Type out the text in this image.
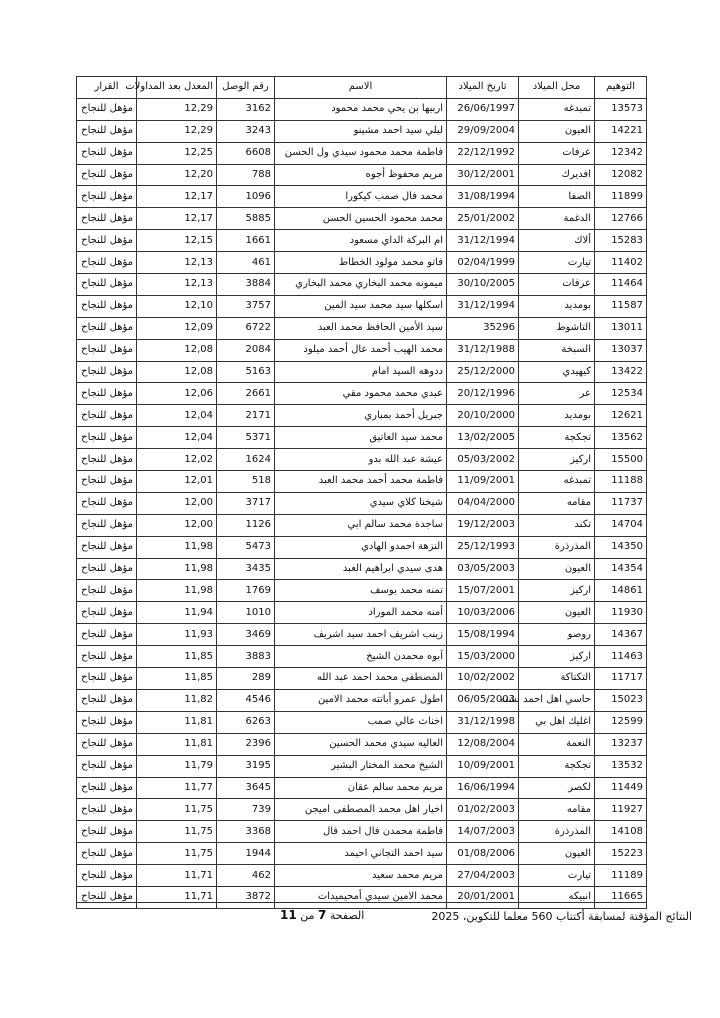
التوهيم	محل الميلاد	تاريخ الميلاد	الاسم	رقم الوصل	المعدل بعد المداولات	القرار
13573	تمبدغه	26/06/1997	اربيها بن يحي محمد محمود	3162	12,29	مؤهل للنجاح
14221	العيون	29/09/2004	ليلي سيد احمد مشينو	3243	12,29	مؤهل للنجاح
12342	عرفات	22/12/1992	فاطمة محمد محمود سيدي ول الحسن	6608	12,25	مؤهل للنجاح
12082	افديرك	30/12/2001	مريم محفوظ أجوه	788	12,20	مؤهل للنجاح
11899	الصفا	31/08/1994	محمد فال صمب كيكورا	1096	12,17	مؤهل للنجاح
12766	الدغمة	25/01/2002	محمد محمود الحسين الحسن	5885	12,17	مؤهل للنجاح
15283	ألاك	31/12/1994	ام البركة الداي مسعود	1661	12,15	مؤهل للنجاح
11402	تيارت	02/04/1999	فاتو محمد مولود الخطاط	461	12,13	مؤهل للنجاح
11464	عرفات	30/10/2005	ميمونه محمد البخاري محمد البخاري	3884	12,13	مؤهل للنجاح
11587	بومديد	31/12/1994	اسكلها سيد محمد سيد المين	3757	12,10	مؤهل للنجاح
13011	التاشوط	35296	سيد الأمين الحافظ محمد العبد	6722	12,09	مؤهل للنجاح
13037	السبخة	31/12/1988	محمد الهيب أحمد عال أحمد ميلود	2084	12,08	مؤهل للنجاح
13422	كيهيدي	25/12/2000	ددوهه السيد امام	5163	12,08	مؤهل للنجاح
12534	عر	20/12/1996	عبدي محمد محمود مقي	2661	12,06	مؤهل للنجاح
12621	بومديد	20/10/2000	جبريل أحمد بمباري	2171	12,04	مؤهل للنجاح
13562	تجكجة	13/02/2005	محمد سيد العاتيق	5371	12,04	مؤهل للنجاح
15500	اركيز	05/03/2002	عيشة عبد الله بدو	1624	12,02	مؤهل للنجاح
11188	تمبدغه	11/09/2001	فاطمة محمد أحمد محمد العبد	518	12,01	مؤهل للنجاح
11737	مقامه	04/04/2000	شيخنا كلاي سيدي	3717	12,00	مؤهل للنجاح
14704	تكند	19/12/2003	ساجدة محمد سالم ابي	1126	12,00	مؤهل للنجاح
14350	المذرذرة	25/12/1993	النزهة احمدو الهادي	5473	11,98	مؤهل للنجاح
14354	العيون	03/05/2003	هدى سيدي ابراهيم العبد	3435	11,98	مؤهل للنجاح
14861	اركيز	15/07/2001	تمنه محمد يوسف	1769	11,98	مؤهل للنجاح
11930	العيون	10/03/2006	أمنه محمد الموراد	1010	11,94	مؤهل للنجاح
14367	روصو	15/08/1994	زينب اشريف احمد سيد اشريف	3469	11,93	مؤهل للنجاح
11463	اركيز	15/03/2000	آبوه محمدن الشيخ	3883	11,85	مؤهل للنجاح
11717	التكتاكة	10/02/2002	المصطفى محمد احمد عبد الله	289	11,85	مؤهل للنجاح
15023	حاسي اهل احمد بشنه	06/05/2003	اطول عمرو أباتته محمد الامين	4546	11,82	مؤهل للنجاح
12599	اغليك اهل بي	31/12/1998	اخناث عالي صمب	6263	11,81	مؤهل للنجاح
13237	النعمة	12/08/2004	العاليه سيدي محمد الحسين	2396	11,81	مؤهل للنجاح
13532	تجكجة	10/09/2001	الشيخ محمد المختار البشير	3195	11,79	مؤهل للنجاح
11449	لكصر	16/06/1994	مريم محمد سالم عقان	3645	11,77	مؤهل للنجاح
11927	مقامه	01/02/2003	اخيار اهل محمد المصطفى اميجن	739	11,75	مؤهل للنجاح
14108	المذرذرة	14/07/2003	فاطمة محمدن فال احمد فال	3368	11,75	مؤهل للنجاح
15223	العيون	01/08/2006	سيد احمد التجاني احيمد	1944	11,75	مؤهل للنجاح
11189	تيارت	27/04/2003	مريم محمد سعيد	462	11,71	مؤهل للنجاح
11665	انبيكه	20/01/2001	محمد الامين سيدي أمحيميدات	3872	11,71	مؤهل للنجاح
النتائج المؤقتة لمسابقة أكتتاب 560 معلما للتكوين، 2025
الصفحة 7 من 11
